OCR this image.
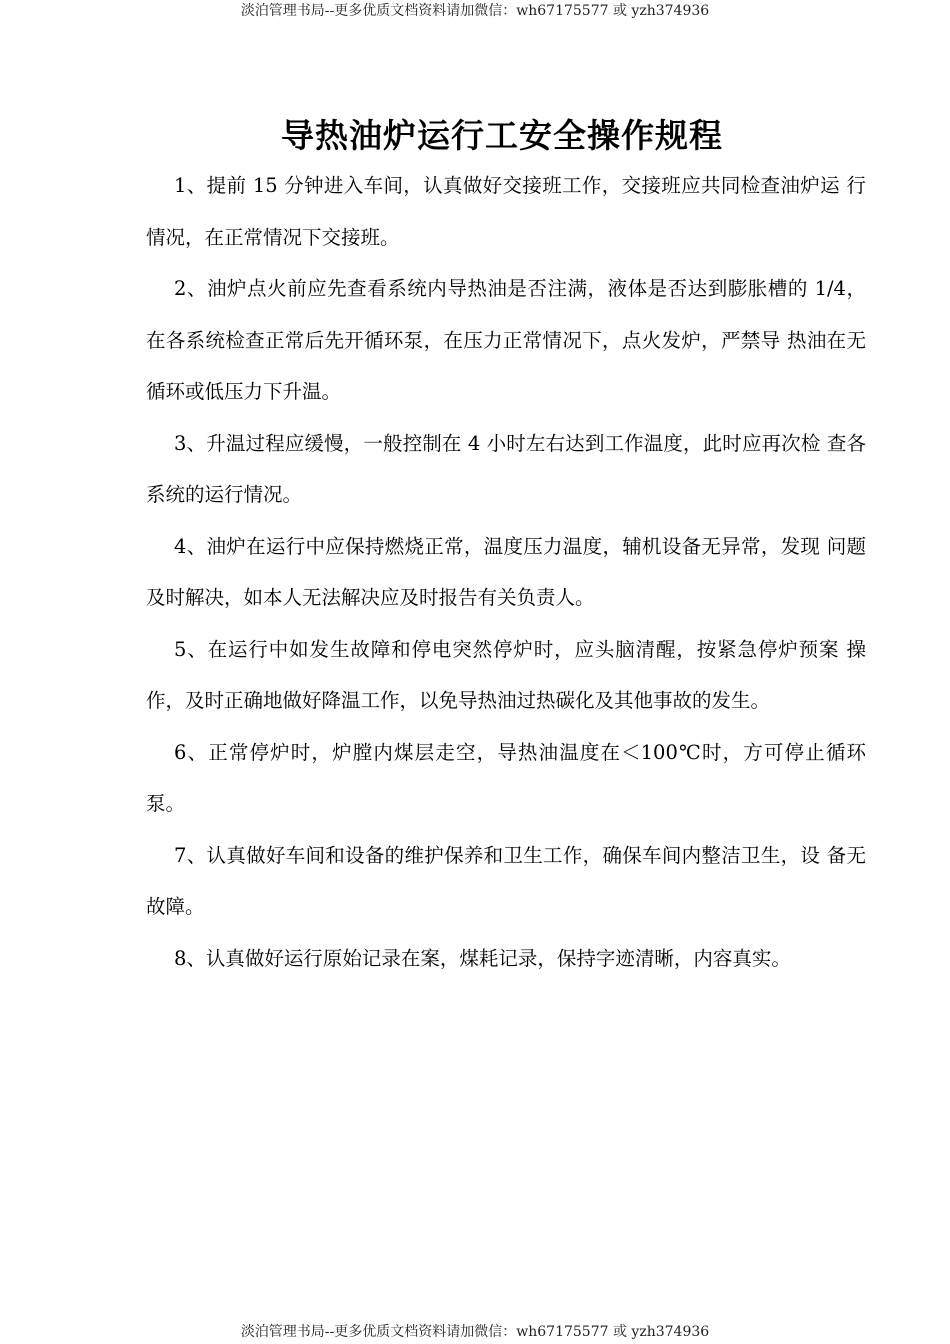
淡泊管理书局--更多优质文档资料请加微信：wh67175577 或 yzh374936
导热油炉运行工安全操作规程

1、提前 15 分钟进入车间，认真做好交接班工作，交接班应共同检查油炉运 行情况，在正常情况下交接班。

2、油炉点火前应先查看系统内导热油是否注满，液体是否达到膨胀槽的 1/4，在各系统检查正常后先开循环泵，在压力正常情况下，点火发炉，严禁导 热油在无循环或低压力下升温。

3、升温过程应缓慢，一般控制在 4 小时左右达到工作温度，此时应再次检 查各系统的运行情况。

4、油炉在运行中应保持燃烧正常，温度压力温度，辅机设备无异常，发现 问题及时解决，如本人无法解决应及时报告有关负责人。

5、在运行中如发生故障和停电突然停炉时，应头脑清醒，按紧急停炉预案 操作，及时正确地做好降温工作，以免导热油过热碳化及其他事故的发生。

6、正常停炉时，炉膛内煤层走空，导热油温度在＜100℃时，方可停止循环泵。

7、认真做好车间和设备的维护保养和卫生工作，确保车间内整洁卫生，设 备无故障。

8、认真做好运行原始记录在案，煤耗记录，保持字迹清晰，内容真实。

淡泊管理书局--更多优质文档资料请加微信：wh67175577 或 yzh374936
